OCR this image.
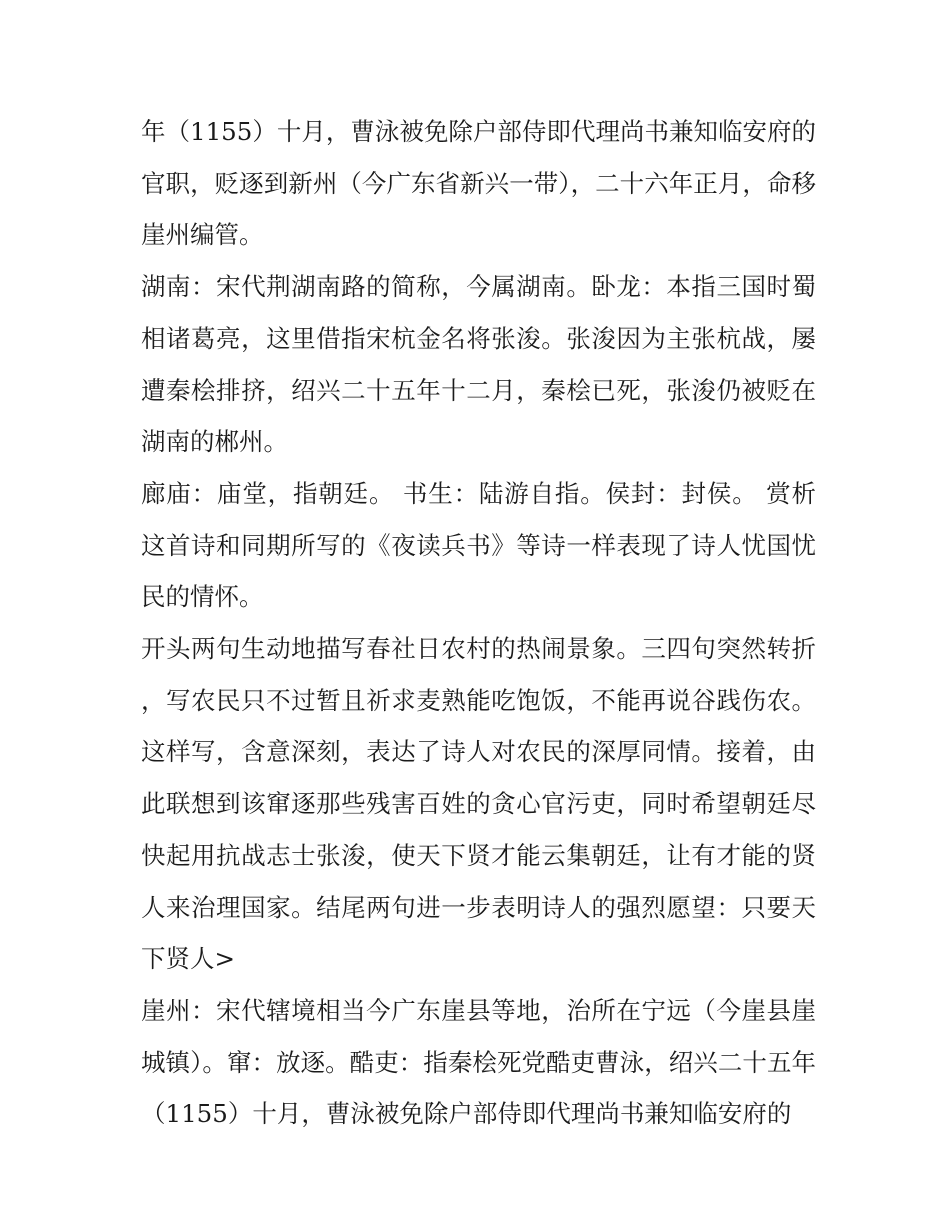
年（1155）十月，曹泳被免除户部侍即代理尚书兼知临安府的官职，贬逐到新州（今广东省新兴一带），二十六年正月，命移崖州编管。

湖南：宋代荆湖南路的简称，今属湖南。卧龙：本指三国时蜀相诸葛亮，这里借指宋杭金名将张浚。张浚因为主张杭战，屡遭秦桧排挤，绍兴二十五年十二月，秦桧已死，张浚仍被贬在湖南的郴州。

廊庙：庙堂，指朝廷。 书生：陆游自指。侯封：封侯。 赏析这首诗和同期所写的《夜读兵书》等诗一样表现了诗人忧国忧民的情怀。

开头两句生动地描写春社日农村的热闹景象。三四句突然转折，写农民只不过暂且祈求麦熟能吃饱饭，不能再说谷践伤农。这样写，含意深刻，表达了诗人对农民的深厚同情。接着，由此联想到该窜逐那些残害百姓的贪心官污吏，同时希望朝廷尽快起用抗战志士张浚，使天下贤才能云集朝廷，让有才能的贤人来治理国家。结尾两句进一步表明诗人的强烈愿望：只要天下贤人>

崖州：宋代辖境相当今广东崖县等地，治所在宁远（今崖县崖城镇）。窜：放逐。酷吏：指秦桧死党酷吏曹泳，绍兴二十五年（1155）十月，曹泳被免除户部侍即代理尚书兼知临安府的
